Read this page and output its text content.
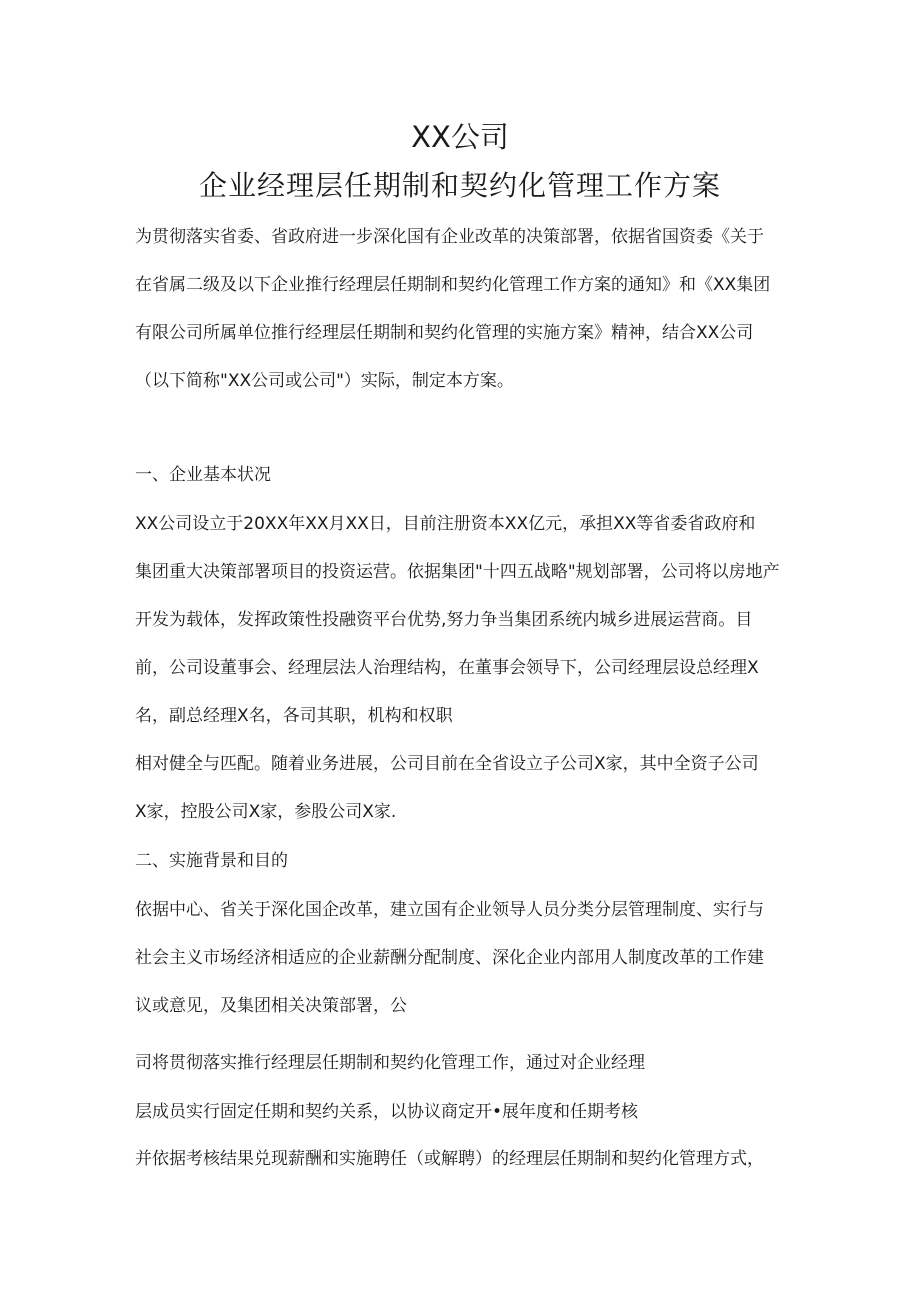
XX公司
企业经理层任期制和契约化管理工作方案
为贯彻落实省委、省政府进一步深化国有企业改革的决策部署，依据省国资委《关于
在省属二级及以下企业推行经理层任期制和契约化管理工作方案的通知》和《XX集团
有限公司所属单位推行经理层任期制和契约化管理的实施方案》精神，结合XX公司
（以下简称"XX公司或公司"）实际，制定本方案。
一、企业基本状况
XX公司设立于20XX年XX月XX日，目前注册资本XX亿元，承担XX等省委省政府和
集团重大决策部署项目的投资运营。依据集团"十四五战略"规划部署，公司将以房地产
开发为载体，发挥政策性投融资平台优势,努力争当集团系统内城乡进展运营商。目
前，公司设董事会、经理层法人治理结构，在董事会领导下，公司经理层设总经理X
名，副总经理X名，各司其职，机构和权职
相对健全与匹配。随着业务进展，公司目前在全省设立子公司X家，其中全资子公司
X家，控股公司X家，参股公司X家.
二、实施背景和目的
依据中心、省关于深化国企改革，建立国有企业领导人员分类分层管理制度、实行与
社会主义市场经济相适应的企业薪酬分配制度、深化企业内部用人制度改革的工作建
议或意见，及集团相关决策部署，公
司将贯彻落实推行经理层任期制和契约化管理工作，通过对企业经理
层成员实行固定任期和契约关系，以协议商定开•展年度和任期考核
并依据考核结果兑现薪酬和实施聘任（或解聘）的经理层任期制和契约化管理方式，
